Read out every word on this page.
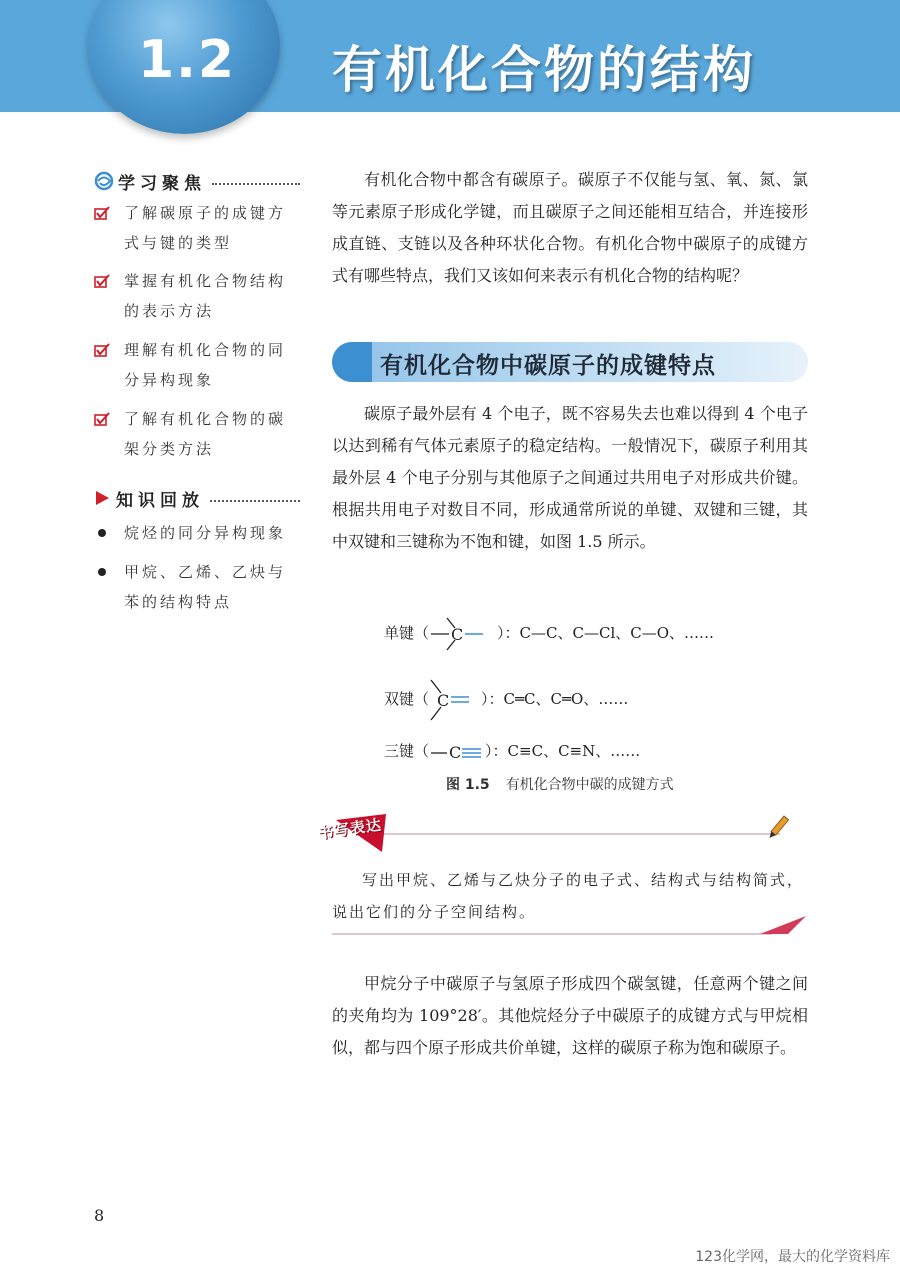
1.2 有机化合物的结构
学习聚焦
了解碳原子的成键方式与键的类型
掌握有机化合物结构的表示方法
理解有机化合物的同分异构现象
了解有机化合物的碳架分类方法
知识回放
烷烃的同分异构现象
甲烷、乙烯、乙炔与苯的结构特点

有机化合物中都含有碳原子。碳原子不仅能与氢、氧、氮、氯等元素原子形成化学键，而且碳原子之间还能相互结合，并连接形成直链、支链以及各种环状化合物。有机化合物中碳原子的成键方式有哪些特点，我们又该如何来表示有机化合物的结构呢？

有机化合物中碳原子的成键特点

碳原子最外层有 4 个电子，既不容易失去也难以得到 4 个电子以达到稀有气体元素原子的稳定结构。一般情况下，碳原子利用其最外层 4 个电子分别与其他原子之间通过共用电子对形成共价键。根据共用电子对数目不同，形成通常所说的单键、双键和三键，其中双键和三键称为不饱和键，如图 1.5 所示。

单键（ C ）：C—C、C—Cl、C—O、……
双键（ C ）：C═C、C═O、……
三键（ C ）：C≡C、C≡N、……
图 1.5 有机化合物中碳的成键方式
书写表达

写出甲烷、乙烯与乙炔分子的电子式、结构式与结构简式，说出它们的分子空间结构。

甲烷分子中碳原子与氢原子形成四个碳氢键，任意两个键之间的夹角均为 109°28′。其他烷烃分子中碳原子的成键方式与甲烷相似，都与四个原子形成共价单键，这样的碳原子称为饱和碳原子。

8
123化学网，最大的化学资料库
